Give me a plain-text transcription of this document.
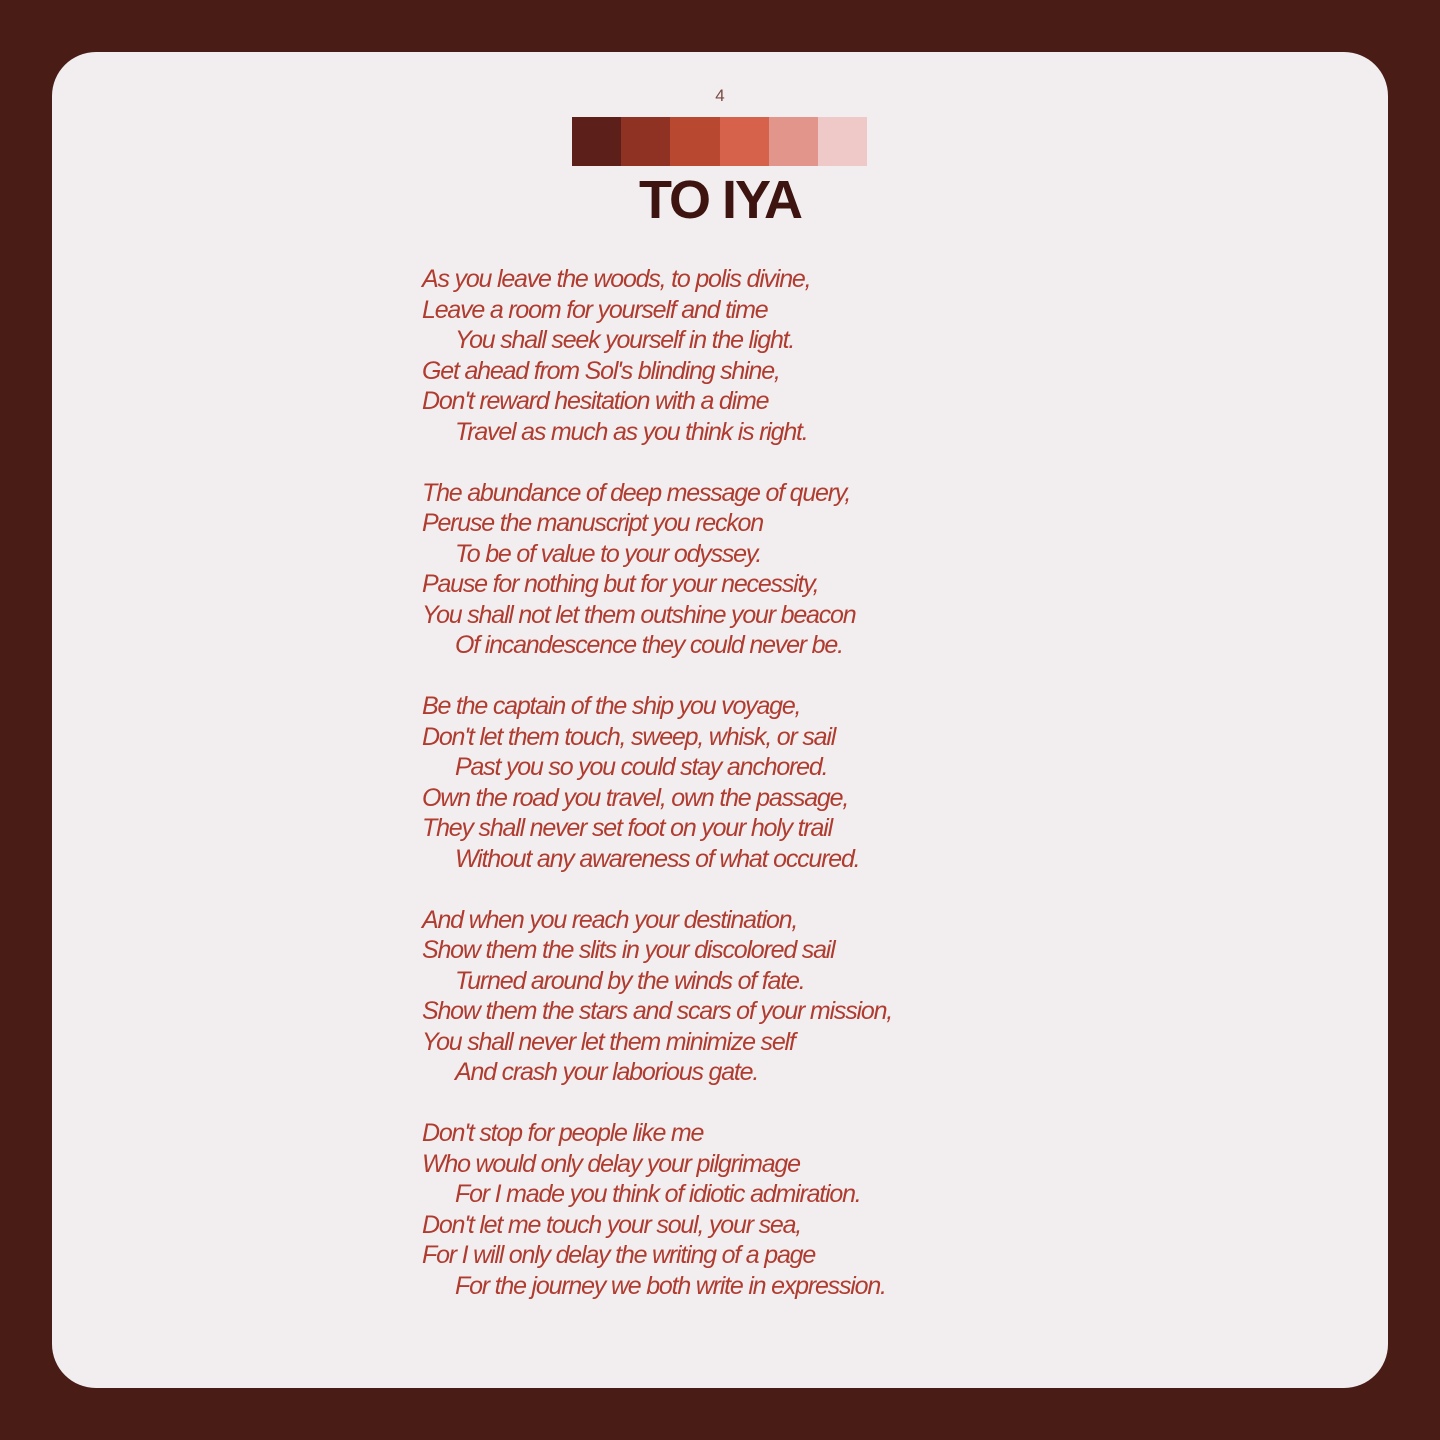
4
TO IYA
As you leave the woods, to polis divine,
Leave a room for yourself and time
You shall seek yourself in the light.
Get ahead from Sol's blinding shine,
Don't reward hesitation with a dime
Travel as much as you think is right.
The abundance of deep message of query,
Peruse the manuscript you reckon
To be of value to your odyssey.
Pause for nothing but for your necessity,
You shall not let them outshine your beacon
Of incandescence they could never be.
Be the captain of the ship you voyage,
Don't let them touch, sweep, whisk, or sail
Past you so you could stay anchored.
Own the road you travel, own the passage,
They shall never set foot on your holy trail
Without any awareness of what occured.
And when you reach your destination,
Show them the slits in your discolored sail
Turned around by the winds of fate.
Show them the stars and scars of your mission,
You shall never let them minimize self
And crash your laborious gate.
Don't stop for people like me
Who would only delay your pilgrimage
For I made you think of idiotic admiration.
Don't let me touch your soul, your sea,
For I will only delay the writing of a page
For the journey we both write in expression.
